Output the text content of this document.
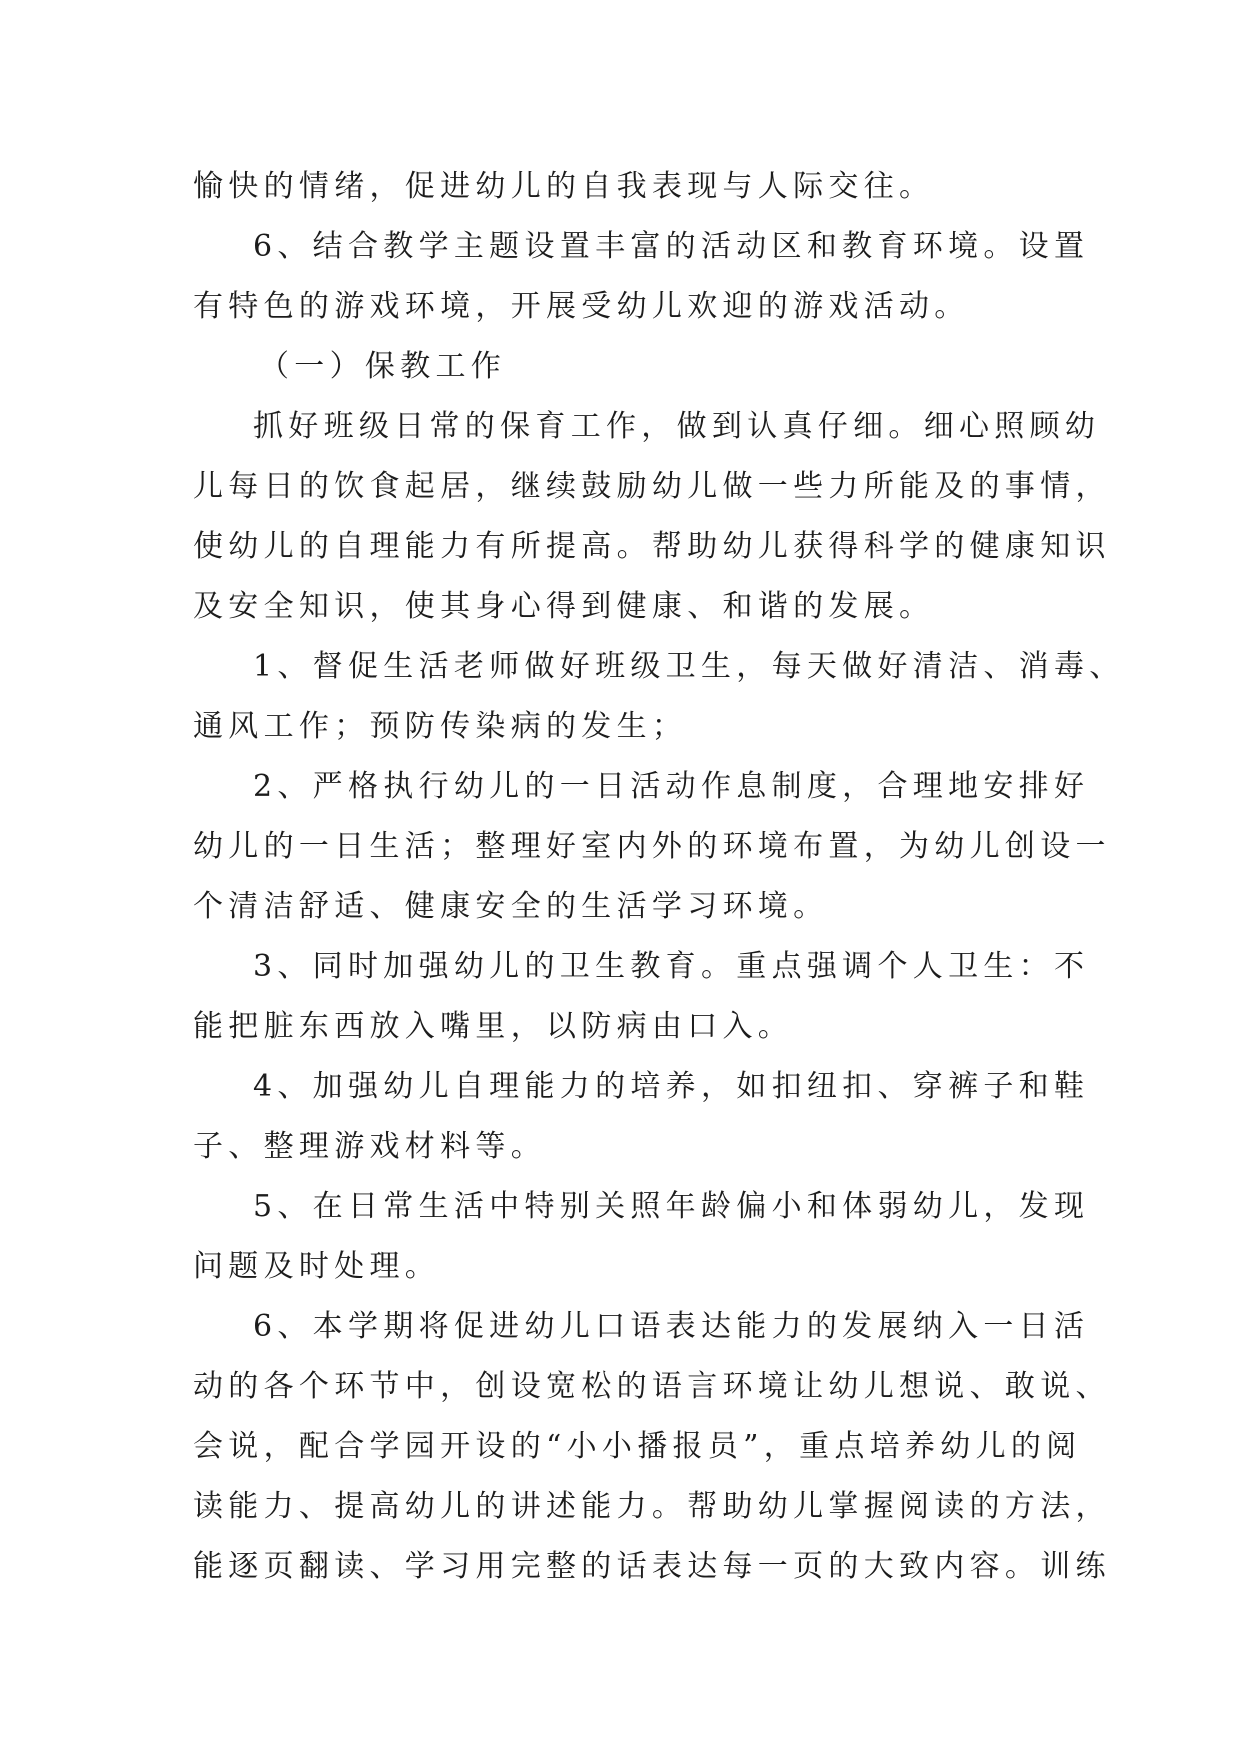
愉快的情绪，促进幼儿的自我表现与人际交往。
6、结合教学主题设置丰富的活动区和教育环境。设置
有特色的游戏环境，开展受幼儿欢迎的游戏活动。
（一）保教工作
抓好班级日常的保育工作，做到认真仔细。细心照顾幼
儿每日的饮食起居，继续鼓励幼儿做一些力所能及的事情，
使幼儿的自理能力有所提高。帮助幼儿获得科学的健康知识
及安全知识，使其身心得到健康、和谐的发展。
1、督促生活老师做好班级卫生，每天做好清洁、消毒、
通风工作；预防传染病的发生；
2、严格执行幼儿的一日活动作息制度，合理地安排好
幼儿的一日生活；整理好室内外的环境布置，为幼儿创设一
个清洁舒适、健康安全的生活学习环境。
3、同时加强幼儿的卫生教育。重点强调个人卫生：不
能把脏东西放入嘴里，以防病由口入。
4、加强幼儿自理能力的培养，如扣纽扣、穿裤子和鞋
子、整理游戏材料等。
5、在日常生活中特别关照年龄偏小和体弱幼儿，发现
问题及时处理。
6、本学期将促进幼儿口语表达能力的发展纳入一日活
动的各个环节中，创设宽松的语言环境让幼儿想说、敢说、
会说，配合学园开设的“小小播报员”，重点培养幼儿的阅
读能力、提高幼儿的讲述能力。帮助幼儿掌握阅读的方法，
能逐页翻读、学习用完整的话表达每一页的大致内容。训练
